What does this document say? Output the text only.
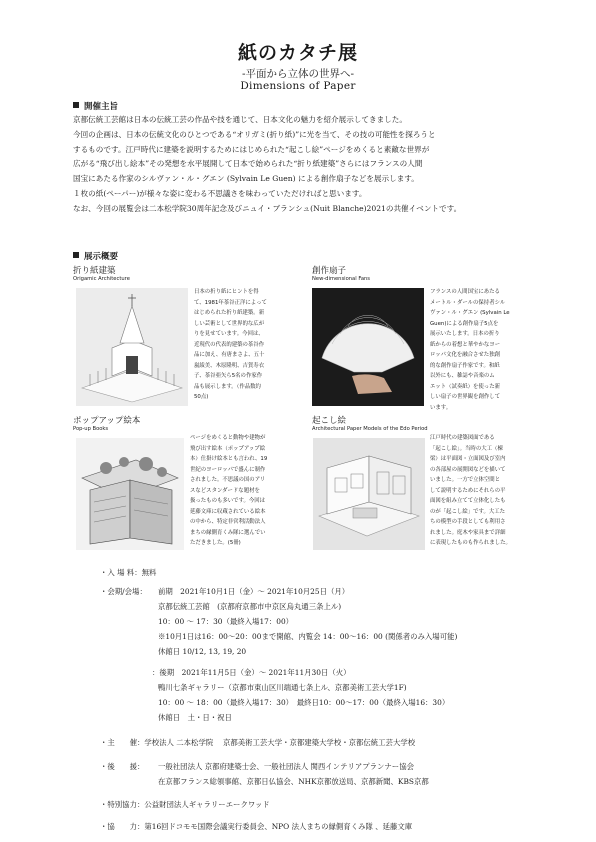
紙のカタチ展
-平面から立体の世界へ-
Dimensions of Paper
開催主旨

京都伝統工芸館は日本の伝統工芸の作品や技を通じて、日本文化の魅力を紹介展示してきました。

今回の企画は、日本の伝統文化のひとつである“オリガミ(折り紙)”に光を当て、その技の可能性を探ろうと

するものです。江戸時代に建築を説明するためにはじめられた“起こし絵”ページをめくると素敵な世界が

広がる“飛び出し絵本”その発想を水平展開して日本で始められた“折り紙建築”さらにはフランスの人間

国宝にあたる作家のシルヴァン・ル・グエン (Sylvain Le Guen) による創作扇子などを展示します。

１枚の紙(ペーパー)が様々な姿に変わる不思議さを味わっていただければと思います。

なお、今回の展覧会は二本松学院30周年記念及びニュイ・ブランシュ(Nuit Blanche)2021の共催イベントです。

展示概要
折り紙建築
Origamic Architecture
日本の折り紙にヒントを得
て、1981年茶谷正洋によって
はじめられた折り紙建築。新
しい芸術として世界的な広が
りを見せています。今回は、
近現代の代表的建築の茶谷作
品に加え、有唐まさよ、五十
嵐綾美、木原隆明、吉賀寿衣
子、茶谷亜矢ら5名の作家作
品も展示します。（作品数約
50点)
創作扇子
New-dimensional Fans
フランスの人間国宝にあたる
メートル・ダールの保持者シル
ヴァン・ル・グエン (Sylvain Le
Guen)による創作扇子5点を
展示いたします。日本の折り
紙からの着想と華やかなヨー
ロッパ文化を融合させた独創
的な創作扇子作家です。和紙
以外にも、雑誌や音楽のム
エット（試奏紙）を使った新
しい扇子の世界観を創作して
います。
ポップアップ絵本
Pop-up Books
ページをめくると動物や建物が
飛び出す絵本（ポップアップ絵
本）仕掛け絵本とも言われ、19
世紀のヨーロッパで盛んに制作
されました。不思議の国のアリ
スなどスタンダードな題材を
扱ったものも多いです。今回は
延藤文庫に収蔵されている絵本
の中から、特定非営利活動法人
まちの縁側育くみ隊に選んでい
ただきました。(5冊)
起こし絵
Architectural Paper Models of the Edo Period
江戸時代の建築図面である
「起こし絵」。当時の大工（棟
梁）は平面図・立面図及び室内
の各部屋の展開図などを描いて
いました。一方で立体空間と
して説明するためにそれらの平
面図を組み立てて立体化したも
のが「起こし絵」です。大工た
ちの模型の手段としても利用さ
れました。庭木や家具まで詳細
に表現したものも作られました。
・入 場 料：無料
・会期/会場： 前期　2021年10月1日（金）～ 2021年10月25日（月）
京都伝統工芸館　(京都府京都市中京区烏丸通三条上ル)
10：00 ～ 17：30（最終入場17：00）
※10月1日は16：00～20：00まで開館、内覧会 14：00～16：00 (関係者のみ入場可能)
休館日 10/12, 13, 19, 20
：後期　2021年11月5日（金）～ 2021年11月30日（火）
鴨川七条ギャラリー（京都市東山区川端通七条上ル、京都美術工芸大学1F)
10：00 ～ 18：00（最終入場17：30）　最終日10：00～17：00（最終入場16：30）
休館日　土・日・祝日
・主　　催：学校法人 二本松学院　 京都美術工芸大学・京都建築大学校・京都伝統工芸大学校
・後　　援： 一般社団法人 京都府建築士会、一般社団法人 関西インテリアプランナー協会
在京都フランス総領事館、京都日仏協会、NHK京都放送局、京都新聞、KBS京都
・特別協力：公益財団法人ギャラリーエークワッド
・協　　力：第16回ドコモモ国際会議実行委員会、NPO 法人まちの縁側育くみ隊 、延藤文庫
